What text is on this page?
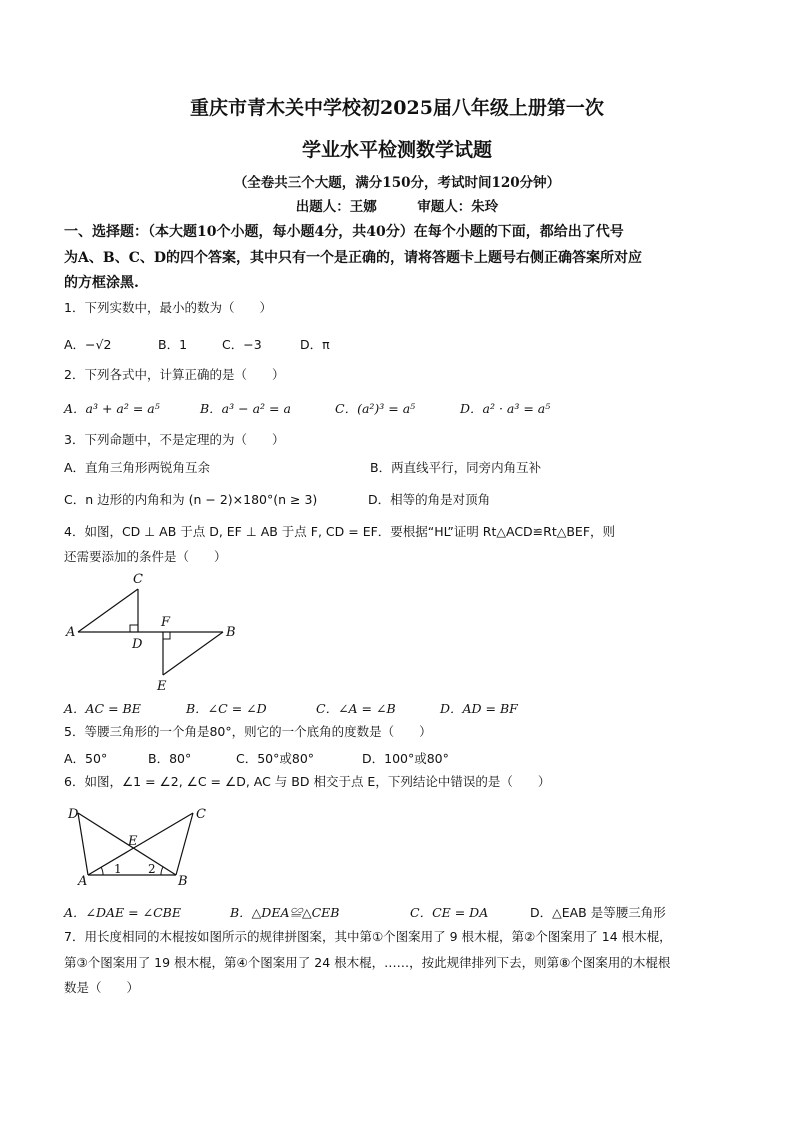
重庆市青木关中学校初2025届八年级上册第一次
学业水平检测数学试题
（全卷共三个大题，满分150分，考试时间120分钟）
出题人：王娜　　　审题人：朱玲
一、选择题：（本大题10个小题，每小题4分，共40分）在每个小题的下面，都给出了代号
为A、B、C、D的四个答案，其中只有一个是正确的，请将答题卡上题号右侧正确答案所对应
的方框涂黑.
1．下列实数中，最小的数为（　　）
A．−√2	B．1	C．−3	D．π
2．下列各式中，计算正确的是（　　）
A．a³ + a² = a⁵	B．a³ − a² = a	C．(a²)³ = a⁵	D．a² · a³ = a⁵
3．下列命题中，不是定理的为（　　）
A．直角三角形两锐角互余	B．两直线平行，同旁内角互补
C．n 边形的内角和为 (n − 2)×180°(n ≥ 3)	D．相等的角是对顶角
4．如图，CD ⊥ AB 于点 D, EF ⊥ AB 于点 F, CD = EF．要根据“HL”证明 Rt△ACD≌Rt△BEF，则
还需要添加的条件是（　　）
C
A
D
F
B
E
D	C
E
A
1 2
B
A．AC = BE	B．∠C = ∠D	C．∠A = ∠B	D．AD = BF
5．等腰三角形的一个角是80°，则它的一个底角的度数是（　　）
A．50°	B．80°	C．50°或80°	D．100°或80°
6．如图，∠1 = ∠2, ∠C = ∠D, AC 与 BD 相交于点 E，下列结论中错误的是（　　）
A．∠DAE = ∠CBE	B．△DEA≌△CEB	C．CE = DA	D．△EAB 是等腰三角形
7．用长度相同的木棍按如图所示的规律拼图案，其中第①个图案用了 9 根木棍，第②个图案用了 14 根木棍，
第③个图案用了 19 根木棍，第④个图案用了 24 根木棍，……，按此规律排列下去，则第⑧个图案用的木棍根
数是（　　）
